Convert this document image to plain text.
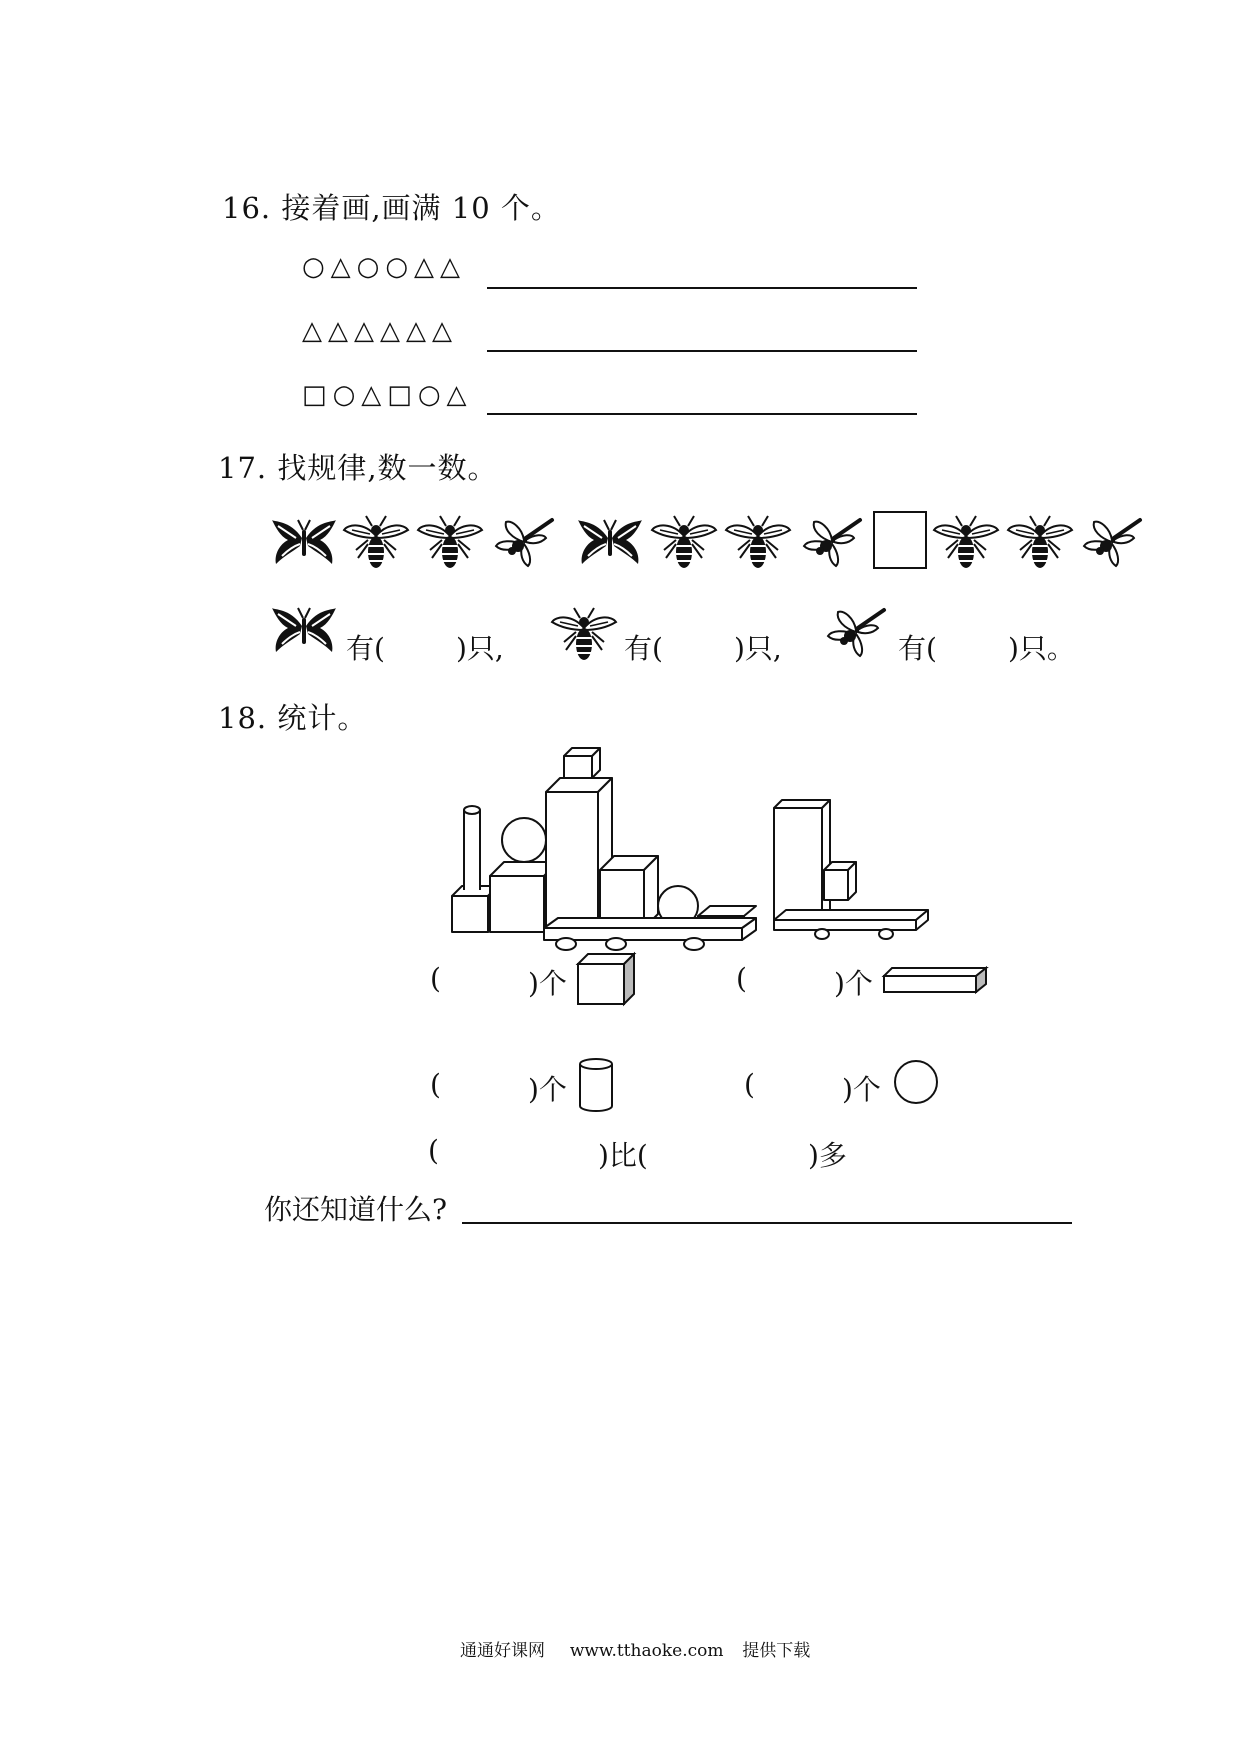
16. 接着画,画满 10 个。
○△○○△△
△△△△△△
□○△□○△
17. 找规律,数一数。
有(	)只,	有(	)只,	有(	)只。
18. 统计。
(	)个	(	)个
(	)个	(	)个
(	)比(	)多
你还知道什么?
通通好课网 www.tthaoke.com 提供下载
